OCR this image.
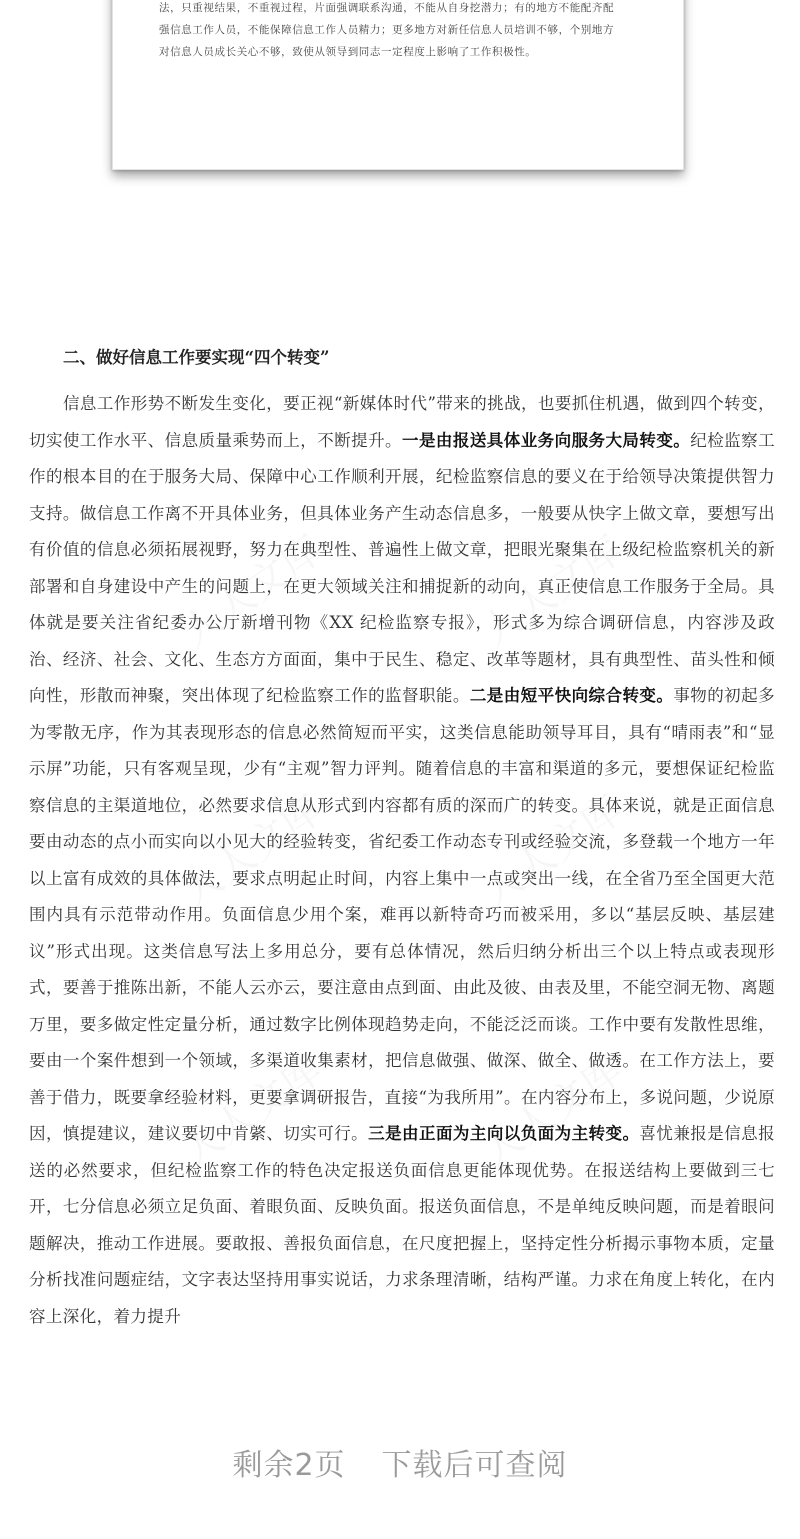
法，只重视结果，不重视过程，片面强调联系沟通，不能从自身挖潜力；有的地方不能配齐配

强信息工作人员，不能保障信息工作人员精力；更多地方对新任信息人员培训不够，个别地方

对信息人员成长关心不够，致使从领导到同志一定程度上影响了工作积极性。

二、做好信息工作要实现“四个转变”

信息工作形势不断发生变化，要正视“新媒体时代”带来的挑战，也要抓住机遇，做到四个转变，切实使工作水平、信息质量乘势而上，不断提升。一是由报送具体业务向服务大局转变。纪检监察工作的根本目的在于服务大局、保障中心工作顺利开展，纪检监察信息的要义在于给领导决策提供智力支持。做信息工作离不开具体业务，但具体业务产生动态信息多，一般要从快字上做文章，要想写出有价值的信息必须拓展视野，努力在典型性、普遍性上做文章，把眼光聚集在上级纪检监察机关的新部署和自身建设中产生的问题上，在更大领域关注和捕捉新的动向，真正使信息工作服务于全局。具体就是要关注省纪委办公厅新增刊物《XX 纪检监察专报》，形式多为综合调研信息，内容涉及政治、经济、社会、文化、生态方方面面，集中于民生、稳定、改革等题材，具有典型性、苗头性和倾向性，形散而神聚，突出体现了纪检监察工作的监督职能。二是由短平快向综合转变。事物的初起多为零散无序，作为其表现形态的信息必然简短而平实，这类信息能助领导耳目，具有“晴雨表”和“显示屏”功能，只有客观呈现，少有“主观”智力评判。随着信息的丰富和渠道的多元，要想保证纪检监察信息的主渠道地位，必然要求信息从形式到内容都有质的深而广的转变。具体来说，就是正面信息要由动态的点小而实向以小见大的经验转变，省纪委工作动态专刊或经验交流，多登载一个地方一年以上富有成效的具体做法，要求点明起止时间，内容上集中一点或突出一线，在全省乃至全国更大范围内具有示范带动作用。负面信息少用个案，难再以新特奇巧而被采用，多以“基层反映、基层建议”形式出现。这类信息写法上多用总分，要有总体情况，然后归纳分析出三个以上特点或表现形式，要善于推陈出新，不能人云亦云，要注意由点到面、由此及彼、由表及里，不能空洞无物、离题万里，要多做定性定量分析，通过数字比例体现趋势走向，不能泛泛而谈。工作中要有发散性思维，要由一个案件想到一个领域，多渠道收集素材，把信息做强、做深、做全、做透。在工作方法上，要善于借力，既要拿经验材料，更要拿调研报告，直接“为我所用”。在内容分布上，多说问题，少说原因，慎提建议，建议要切中肯綮、切实可行。三是由正面为主向以负面为主转变。喜忧兼报是信息报送的必然要求，但纪检监察工作的特色决定报送负面信息更能体现优势。在报送结构上要做到三七开，七分信息必须立足负面、着眼负面、反映负面。报送负面信息，不是单纯反映问题，而是着眼问题解决，推动工作进展。要敢报、善报负面信息，在尺度把握上，坚持定性分析揭示事物本质，定量分析找准问题症结，文字表达坚持用事实说话，力求条理清晰，结构严谨。力求在角度上转化，在内容上深化，着力提升

剩余2页 下载后可查阅
